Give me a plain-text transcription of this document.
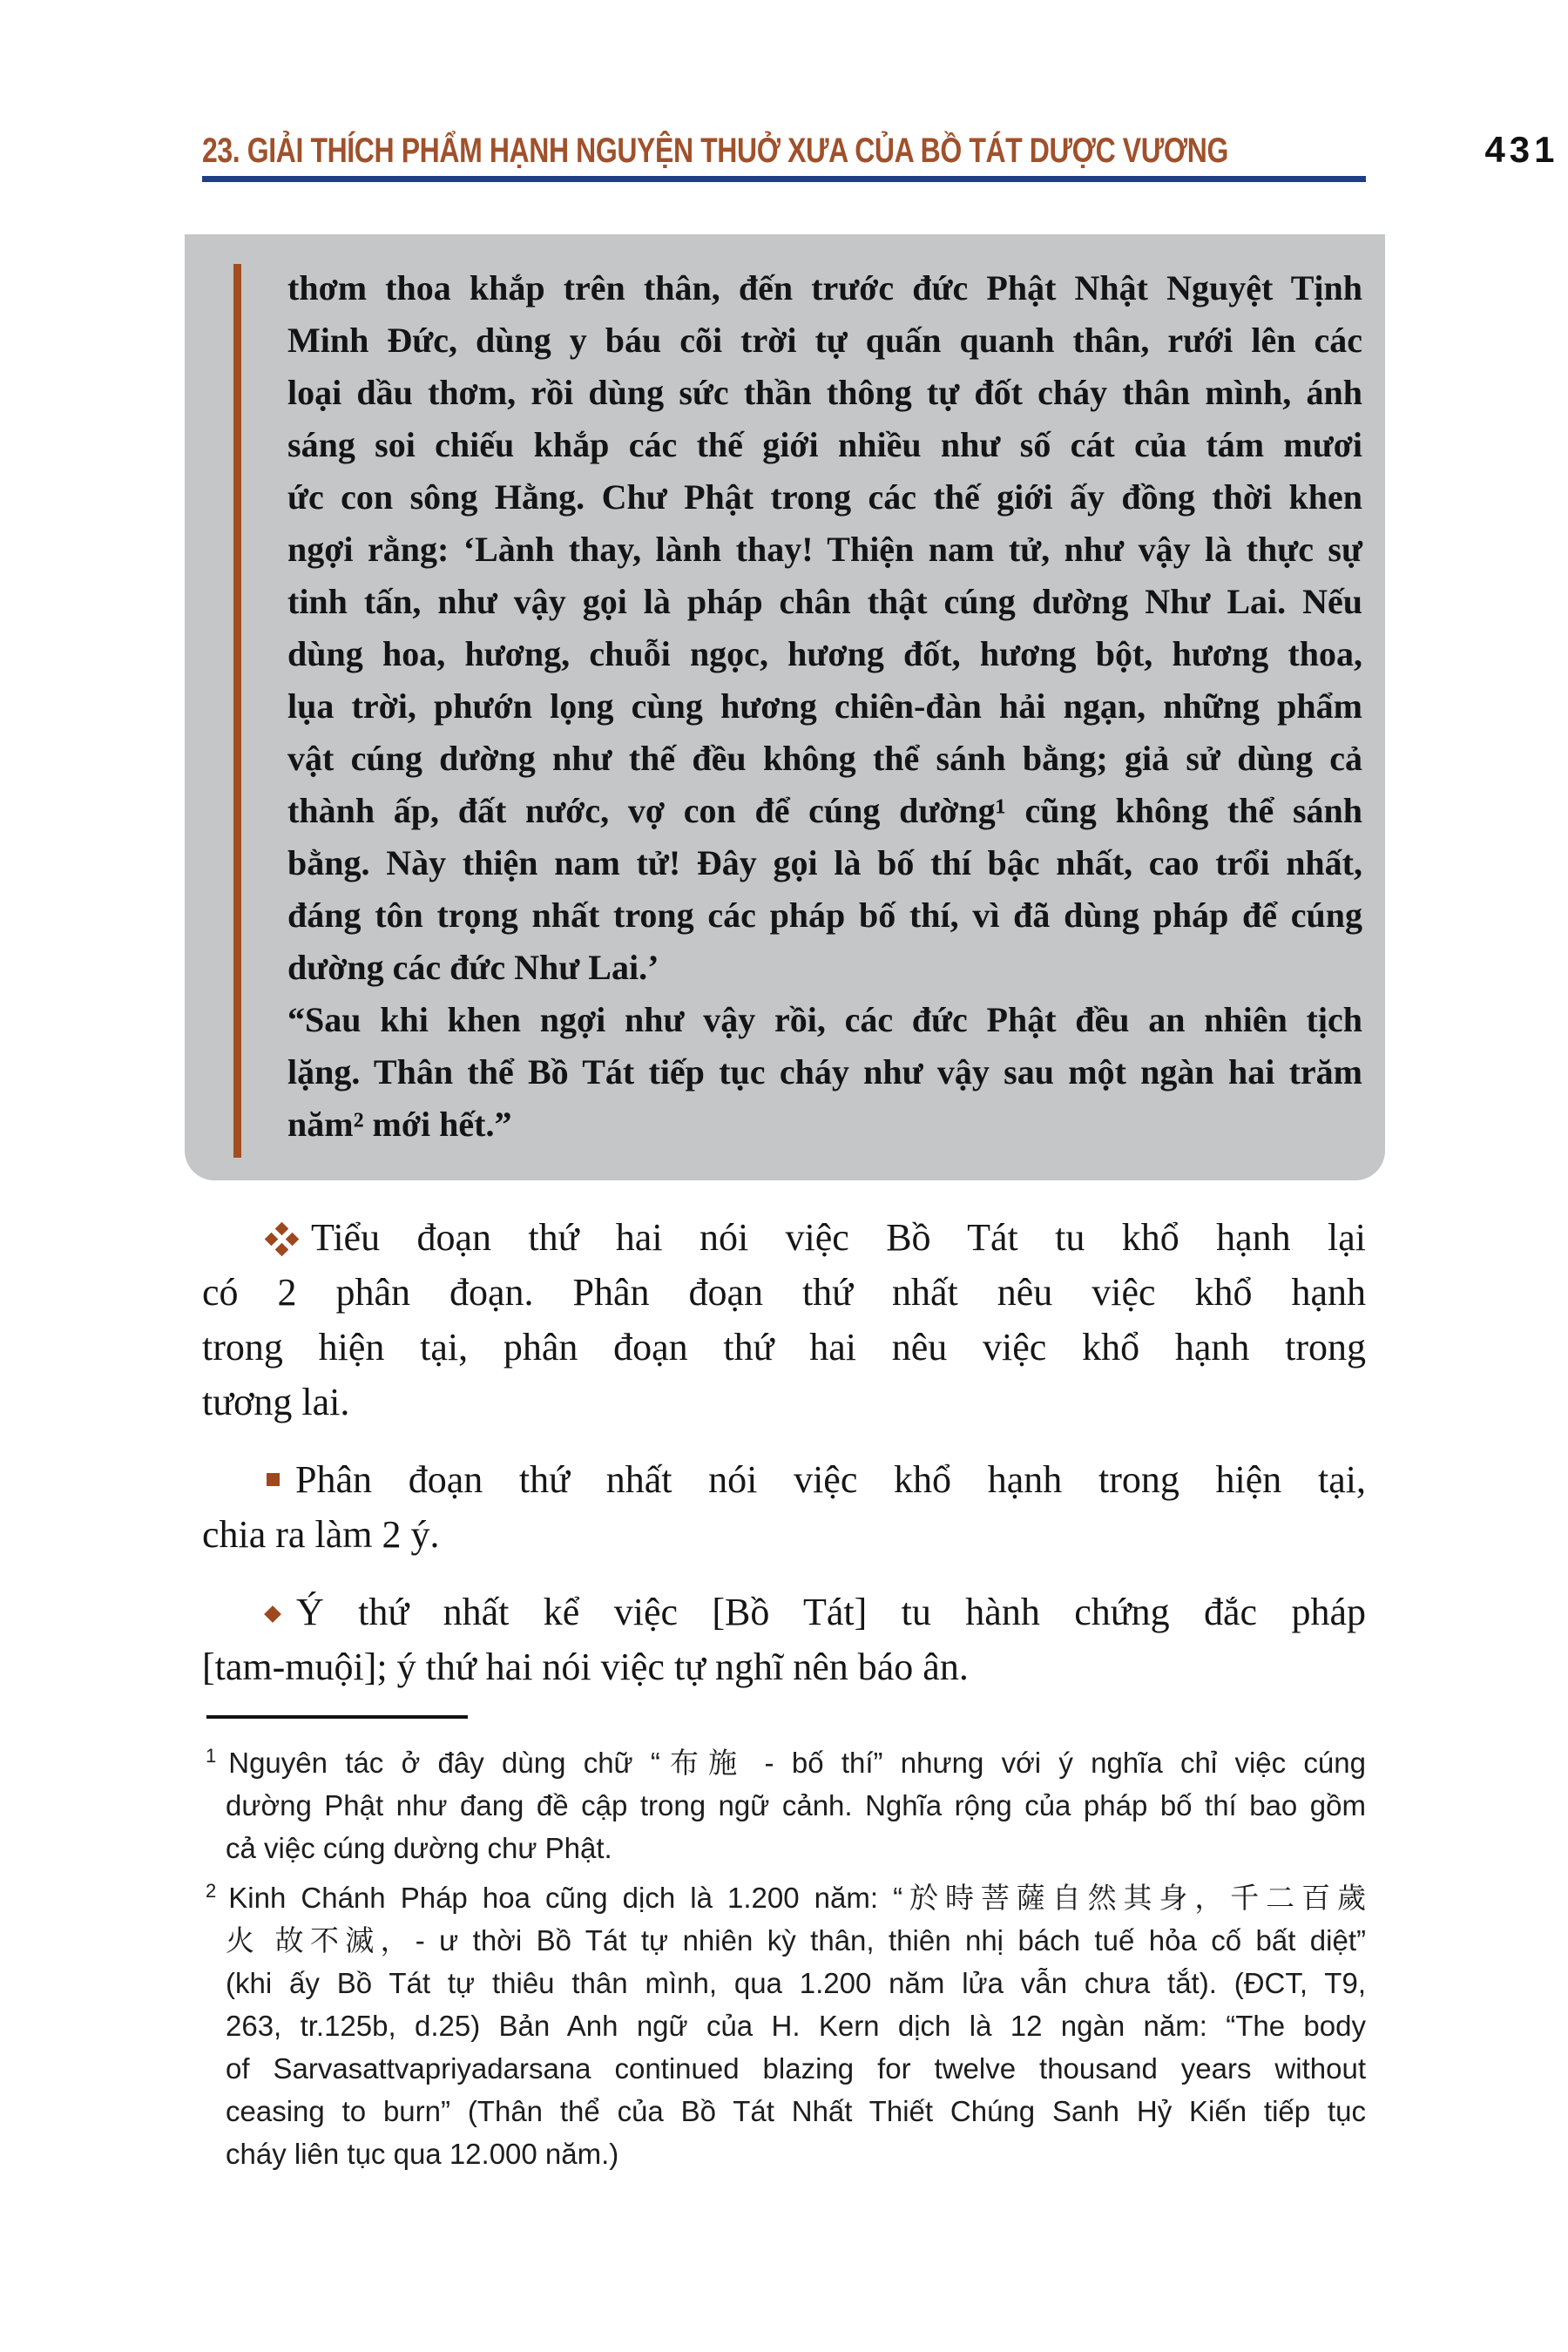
23. GIẢI THÍCH PHẨM HẠNH NGUYỆN THUỞ XƯA CỦA BỒ TÁT DƯỢC VƯƠNG	431
thơm thoa khắp trên thân, đến trước đức Phật Nhật Nguyệt Tịnh
Minh Đức, dùng y báu cõi trời tự quấn quanh thân, rưới lên các
loại dầu thơm, rồi dùng sức thần thông tự đốt cháy thân mình, ánh
sáng soi chiếu khắp các thế giới nhiều như số cát của tám mươi
ức con sông Hằng. Chư Phật trong các thế giới ấy đồng thời khen
ngợi rằng: ‘Lành thay, lành thay! Thiện nam tử, như vậy là thực sự
tinh tấn, như vậy gọi là pháp chân thật cúng dường Như Lai. Nếu
dùng hoa, hương, chuỗi ngọc, hương đốt, hương bột, hương thoa,
lụa trời, phướn lọng cùng hương chiên-đàn hải ngạn, những phẩm
vật cúng dường như thế đều không thể sánh bằng; giả sử dùng cả
thành ấp, đất nước, vợ con để cúng dường¹ cũng không thể sánh
bằng. Này thiện nam tử! Đây gọi là bố thí bậc nhất, cao trổi nhất,
đáng tôn trọng nhất trong các pháp bố thí, vì đã dùng pháp để cúng
dường các đức Như Lai.’
“Sau khi khen ngợi như vậy rồi, các đức Phật đều an nhiên tịch
lặng. Thân thể Bồ Tát tiếp tục cháy như vậy sau một ngàn hai trăm
năm² mới hết.”
Tiểu đoạn thứ hai nói việc Bồ Tát tu khổ hạnh lại
có 2 phân đoạn. Phân đoạn thứ nhất nêu việc khổ hạnh
trong hiện tại, phân đoạn thứ hai nêu việc khổ hạnh trong
tương lai.
Phân đoạn thứ nhất nói việc khổ hạnh trong hiện tại,
chia ra làm 2 ý.
Ý thứ nhất kể việc [Bồ Tát] tu hành chứng đắc pháp
[tam-muội]; ý thứ hai nói việc tự nghĩ nên báo ân.
$^1$ Nguyên tác ở đây dùng chữ “布施 - bố thí” nhưng với ý nghĩa chỉ việc cúng
dường Phật như đang đề cập trong ngữ cảnh. Nghĩa rộng của pháp bố thí bao gồm
cả việc cúng dường chư Phật.
$^2$ Kinh Chánh Pháp hoa cũng dịch là 1.200 năm: “於時菩薩自然其身，千二百歲
火 故不滅，- ư thời Bồ Tát tự nhiên kỳ thân, thiên nhị bách tuế hỏa cố bất diệt”
(khi ấy Bồ Tát tự thiêu thân mình, qua 1.200 năm lửa vẫn chưa tắt). (ĐCT, T9,
263, tr.125b, d.25) Bản Anh ngữ của H. Kern dịch là 12 ngàn năm: “The body
of Sarvasattvapriyadarsana continued blazing for twelve thousand years without
ceasing to burn” (Thân thể của Bồ Tát Nhất Thiết Chúng Sanh Hỷ Kiến tiếp tục
cháy liên tục qua 12.000 năm.)
